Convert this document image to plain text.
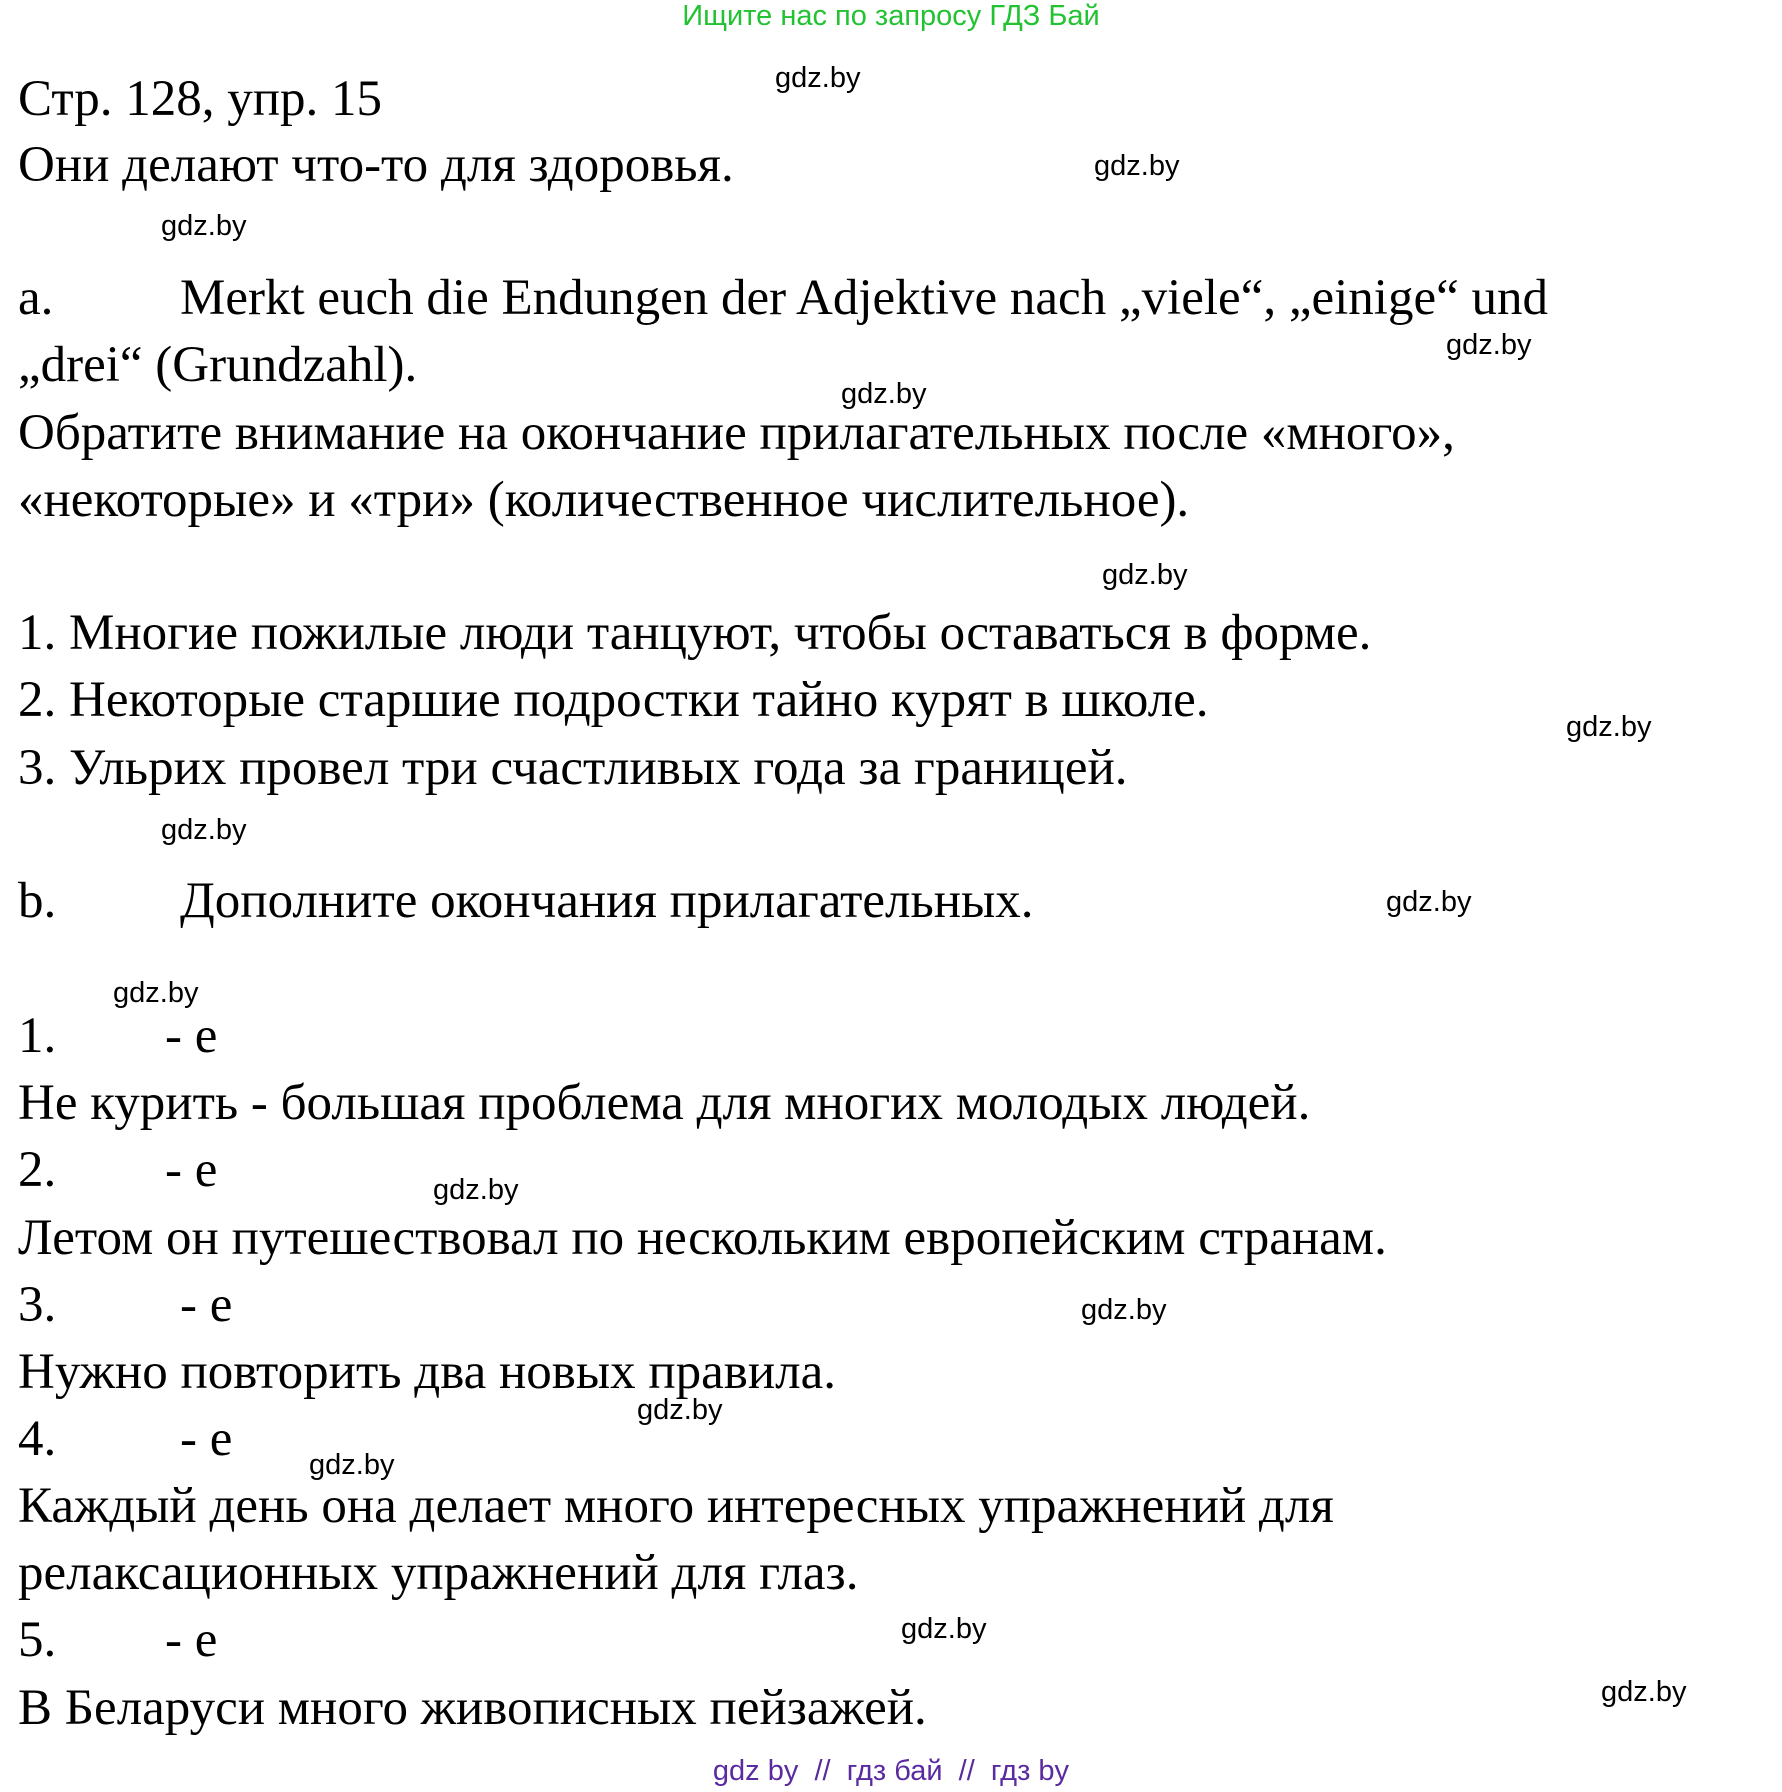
Ищите нас по запросу ГДЗ Бай
gdz.by
gdz.by
gdz.by
gdz.by
gdz.by
gdz.by
gdz.by
gdz.by
gdz.by
gdz.by
gdz.by
gdz.by
gdz.by
gdz.by
gdz.by
gdz.by
Стр. 128, упр. 15
Они делают что-то для здоровья.
a. Merkt euch die Endungen der Adjektive nach „viele“, „einige“ und
„drei“ (Grundzahl).
Обратите внимание на окончание прилагательных после «много»,
«некоторые» и «три» (количественное числительное).
1. Многие пожилые люди танцуют, чтобы оставаться в форме.
2. Некоторые старшие подростки тайно курят в школе.
3. Ульрих провел три счастливых года за границей.
b. Дополните окончания прилагательных.
1. - e
Не курить - большая проблема для многих молодых людей.
2. - e
Летом он путешествовал по нескольким европейским странам.
3. - e
Нужно повторить два новых правила.
4. - e
Каждый день она делает много интересных упражнений для
релаксационных упражнений для глаз.
5. - e
В Беларуси много живописных пейзажей.
gdz by  //  гдз бай  //  гдз by
